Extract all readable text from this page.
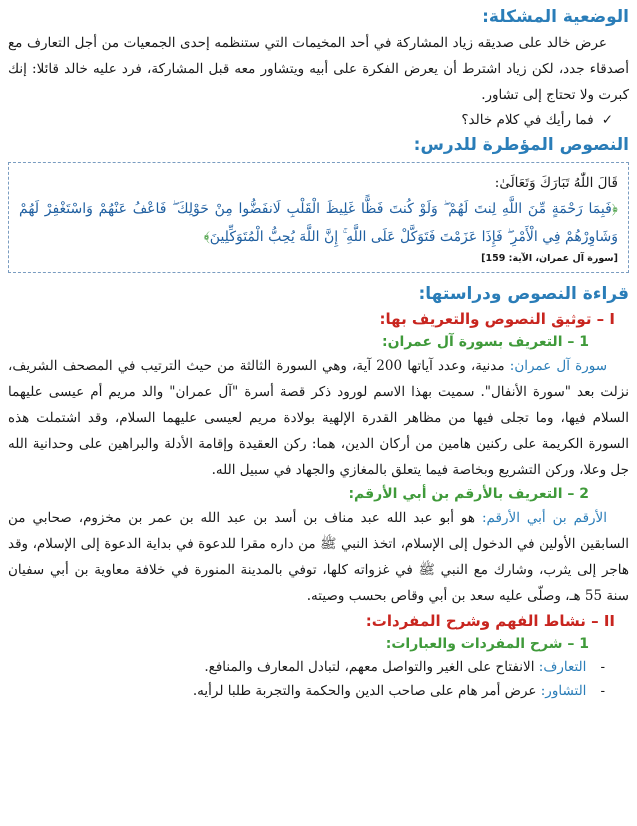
الوضعية المشكلة:

عرض خالد على صديقه زياد المشاركة في أحد المخيمات التي ستنظمه إحدى الجمعيات من أجل التعارف مع أصدقاء جدد، لكن زياد اشترط أن يعرض الفكرة على أبيه ويتشاور معه قبل المشاركة، فرد عليه خالد قائلا: إنك كبرت ولا تحتاج إلى تشاور.

✓فما رأيك في كلام خالد؟

النصوص المؤطرة للدرس:

قَالَ اللّٰهُ تَبَارَكَ وَتَعَالَىٰ:

﴿فَبِمَا رَحْمَةٍ مِّنَ اللَّهِ لِنتَ لَهُمْ ۖ وَلَوْ كُنتَ فَظًّا غَلِيظَ الْقَلْبِ لَانفَضُّوا مِنْ حَوْلِكَ ۖ فَاعْفُ عَنْهُمْ وَاسْتَغْفِرْ لَهُمْ وَشَاوِرْهُمْ فِي الْأَمْرِ ۖ فَإِذَا عَزَمْتَ فَتَوَكَّلْ عَلَى اللَّهِ ۚ إِنَّ اللَّهَ يُحِبُّ الْمُتَوَكِّلِينَ﴾

[سورة آل عمران، الآية: 159]

قراءة النصوص ودراستها:
I – توثيق النصوص والتعريف بها:
1 – التعريف بسورة آل عمران:

سورة آل عمران: مدنية، وعدد آياتها 200 آية، وهي السورة الثالثة من حيث الترتيب في المصحف الشريف، نزلت بعد "سورة الأنفال". سميت بهذا الاسم لورود ذكر قصة أسرة "آل عمران" والد مريم أم عيسى عليهما السلام فيها، وما تجلى فيها من مظاهر القدرة الإلهية بولادة مريم لعيسى عليهما السلام، وقد اشتملت هذه السورة الكريمة على ركنين هامين من أركان الدين، هما: ركن العقيدة وإقامة الأدلة والبراهين على وحدانية الله جل وعلا، وركن التشريع وبخاصة فيما يتعلق بالمغازي والجهاد في سبيل الله.

2 – التعريف بالأرقم بن أبي الأرقم:

الأرقم بن أبي الأرقم: هو أبو عبد الله عبد مناف بن أسد بن عبد الله بن عمر بن مخزوم، صحابي من السابقين الأولين في الدخول إلى الإسلام، اتخذ النبي ﷺ من داره مقرا للدعوة في بداية الدعوة إلى الإسلام، وقد هاجر إلى يثرب، وشارك مع النبي ﷺ في غزواته كلها، توفي بالمدينة المنورة في خلافة معاوية بن أبي سفيان سنة 55 هـ، وصلّى عليه سعد بن أبي وقاص بحسب وصيته.

II – نشاط الفهم وشرح المفردات:
1 – شرح المفردات والعبارات:
-التعارف: الانفتاح على الغير والتواصل معهم، لتبادل المعارف والمنافع.
-التشاور: عرض أمر هام على صاحب الدين والحكمة والتجربة طلبا لرأيه.
